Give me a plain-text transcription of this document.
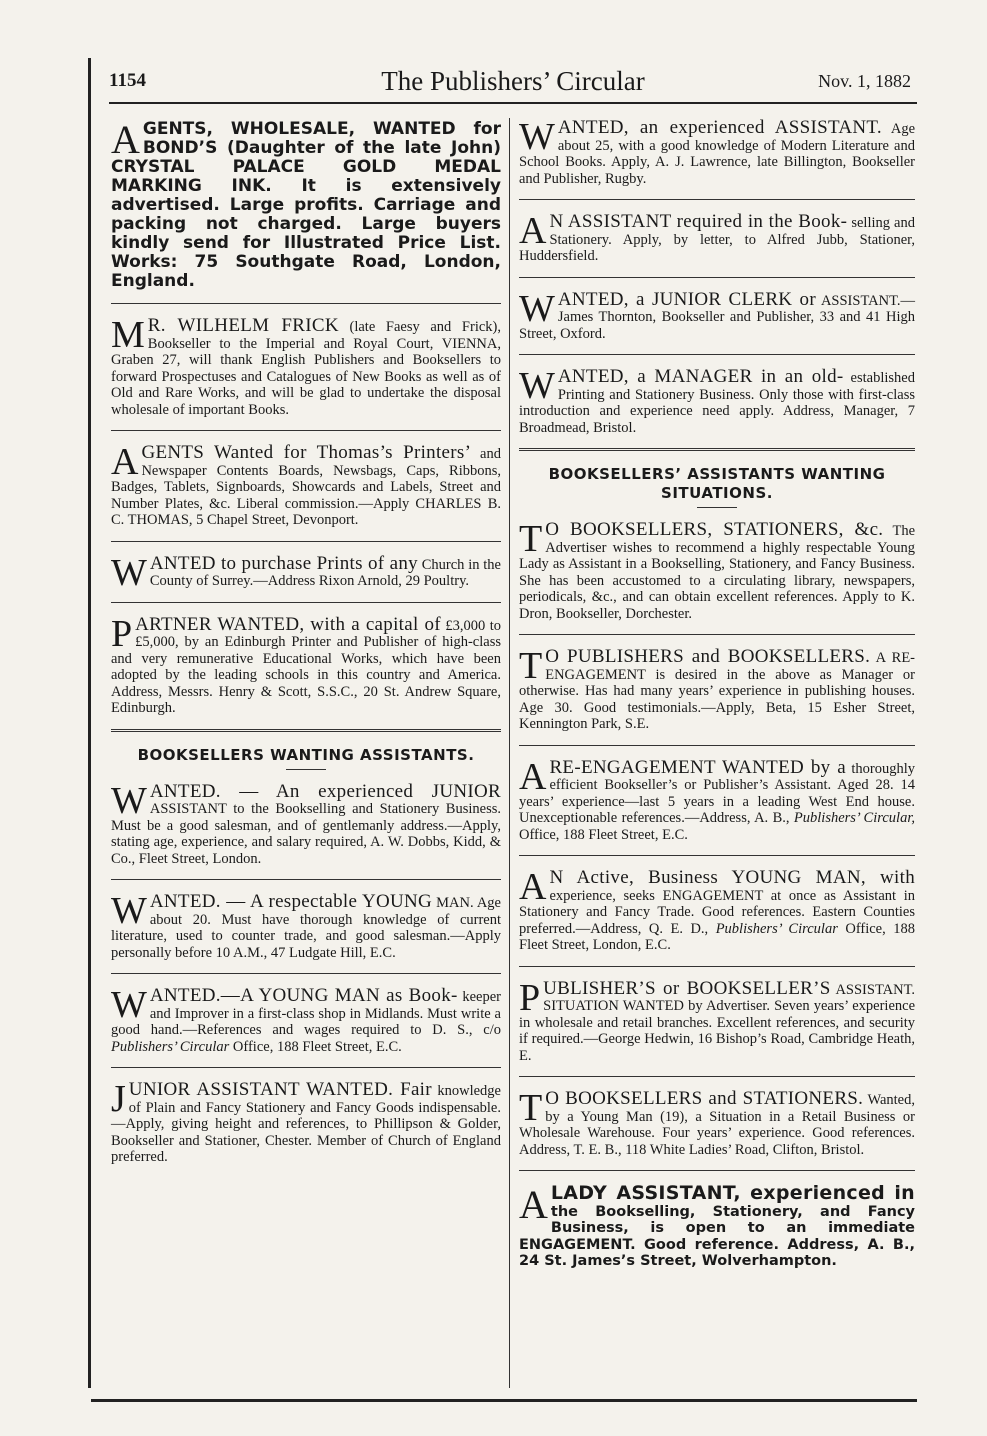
1154	The Publishers’ Circular	Nov. 1, 1882

AGENTS, WHOLESALE, WANTED for BOND’S (Daughter of the late John) CRYSTAL PALACE GOLD MEDAL MARKING INK. It is extensively advertised. Large profits. Carriage and packing not charged. Large buyers kindly send for Illustrated Price List. Works: 75 Southgate Road, London, England.

M R. WILHELM FRICK (late Faesy and Frick), Bookseller to the Imperial and Royal Court, VIENNA, Graben 27, will thank English Publishers and Booksellers to forward Prospectuses and Catalogues of New Books as well as of Old and Rare Works, and will be glad to undertake the disposal wholesale of important Books.

AGENTS Wanted for Thomas’s Printers’ and Newspaper Contents Boards, Newsbags, Caps, Ribbons, Badges, Tablets, Signboards, Showcards and Labels, Street and Number Plates, &c. Liberal commission.—Apply CHARLES B. C. THOMAS, 5 Chapel Street, Devonport.

WANTED to purchase Prints of any Church in the County of Surrey.—Address Rixon Arnold, 29 Poultry.

PARTNER WANTED, with a capital of £3,000 to £5,000, by an Edinburgh Printer and Publisher of high-class and very remunerative Educational Works, which have been adopted by the leading schools in this country and America. Address, Messrs. Henry & Scott, S.S.C., 20 St. Andrew Square, Edinburgh.

BOOKSELLERS WANTING ASSISTANTS.

WANTED. — An experienced JUNIOR ASSISTANT to the Bookselling and Stationery Business. Must be a good salesman, and of gentlemanly address.—Apply, stating age, experience, and salary required, A. W. Dobbs, Kidd, & Co., Fleet Street, London.

WANTED. — A respectable YOUNG MAN. Age about 20. Must have thorough knowledge of current literature, used to counter trade, and good salesman.—Apply personally before 10 A.M., 47 Ludgate Hill, E.C.

WANTED.—A YOUNG MAN as Book- keeper and Improver in a first-class shop in Midlands. Must write a good hand.—References and wages required to D. S., c/o Publishers’ Circular Office, 188 Fleet Street, E.C.

JUNIOR ASSISTANT WANTED. Fair knowledge of Plain and Fancy Stationery and Fancy Goods indispensable.—Apply, giving height and references, to Phillipson & Golder, Bookseller and Stationer, Chester. Member of Church of England preferred.

WANTED, an experienced ASSISTANT. Age about 25, with a good knowledge of Modern Literature and School Books. Apply, A. J. Lawrence, late Billington, Bookseller and Publisher, Rugby.

A N ASSISTANT required in the Book- selling and Stationery. Apply, by letter, to Alfred Jubb, Stationer, Huddersfield.

WANTED, a JUNIOR CLERK or ASSISTANT.—James Thornton, Bookseller and Publisher, 33 and 41 High Street, Oxford.

WANTED, a MANAGER in an old- established Printing and Stationery Business. Only those with first-class introduction and experience need apply. Address, Manager, 7 Broadmead, Bristol.

BOOKSELLERS’ ASSISTANTS WANTING SITUATIONS.

T O BOOKSELLERS, STATIONERS, &c. The Advertiser wishes to recommend a highly respectable Young Lady as Assistant in a Bookselling, Stationery, and Fancy Business. She has been accustomed to a circulating library, newspapers, periodicals, &c., and can obtain excellent references. Apply to K. Dron, Bookseller, Dorchester.

T O PUBLISHERS and BOOKSELLERS. A RE-ENGAGEMENT is desired in the above as Manager or otherwise. Has had many years’ experience in publishing houses. Age 30. Good testimonials.—Apply, Beta, 15 Esher Street, Kennington Park, S.E.

A RE-ENGAGEMENT WANTED by a thoroughly efficient Bookseller’s or Publisher’s Assistant. Aged 28. 14 years’ experience—last 5 years in a leading West End house. Unexceptionable references.—Address, A. B., Publishers’ Circular, Office, 188 Fleet Street, E.C.

A N Active, Business YOUNG MAN, with experience, seeks ENGAGEMENT at once as Assistant in Stationery and Fancy Trade. Good references. Eastern Counties preferred.—Address, Q. E. D., Publishers’ Circular Office, 188 Fleet Street, London, E.C.

PUBLISHER’S or BOOKSELLER’S ASSISTANT. SITUATION WANTED by Advertiser. Seven years’ experience in wholesale and retail branches. Excellent references, and security if required.—George Hedwin, 16 Bishop’s Road, Cambridge Heath, E.

T O BOOKSELLERS and STATIONERS. Wanted, by a Young Man (19), a Situation in a Retail Business or Wholesale Warehouse. Four years’ experience. Good references. Address, T. E. B., 118 White Ladies’ Road, Clifton, Bristol.

A LADY ASSISTANT, experienced in the Bookselling, Stationery, and Fancy Business, is open to an immediate ENGAGEMENT. Good reference. Address, A. B., 24 St. James’s Street, Wolverhampton.
